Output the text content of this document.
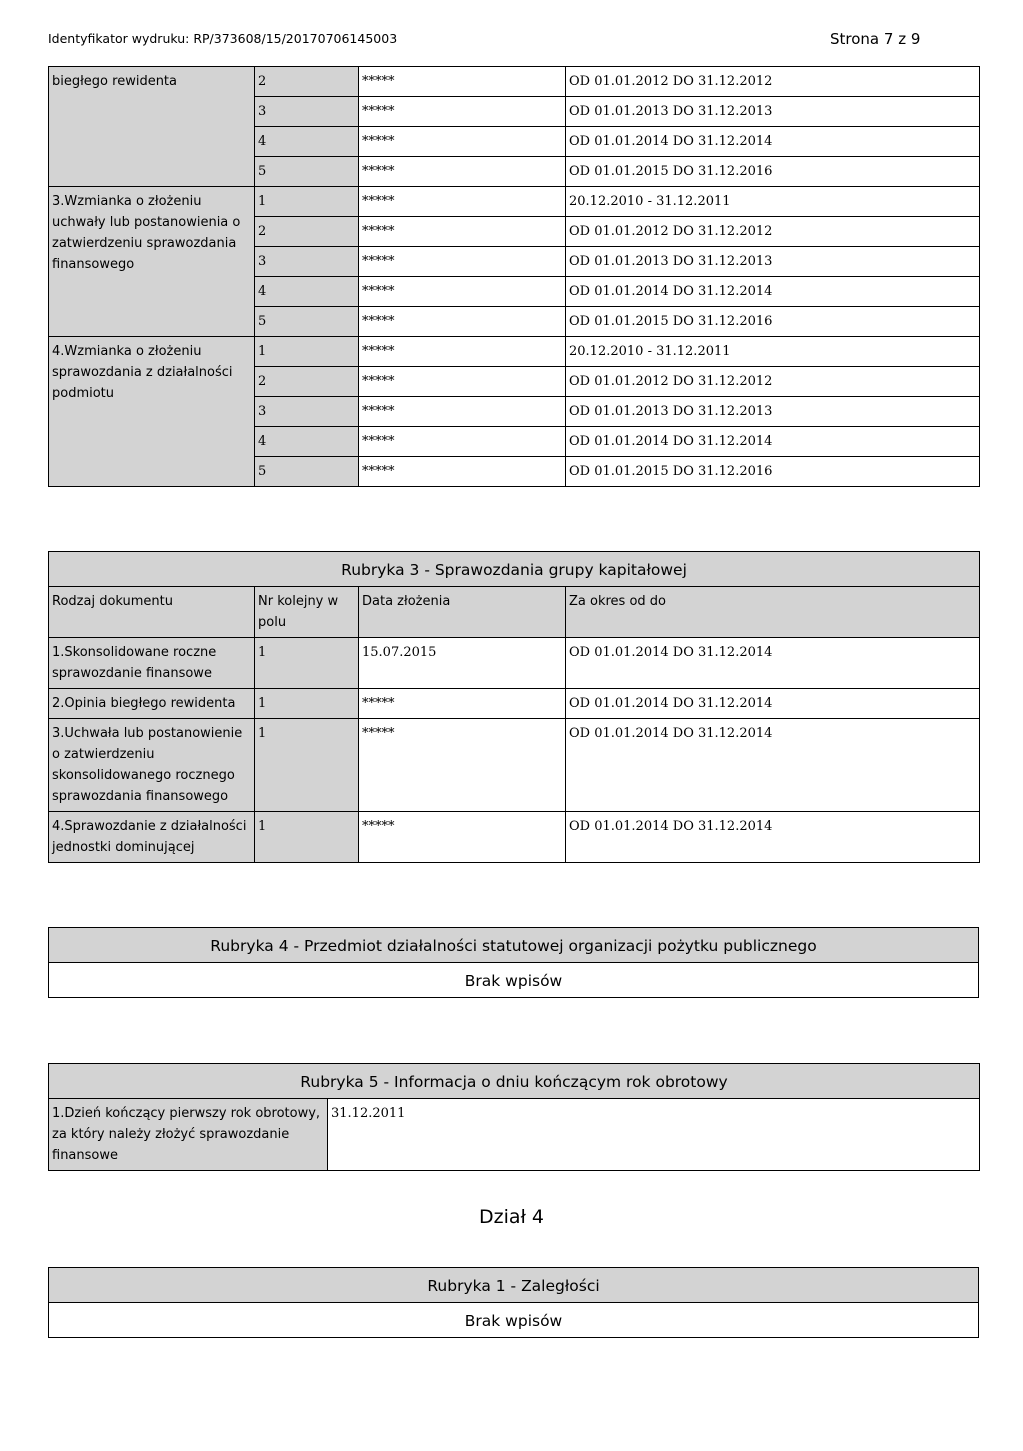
Identyfikator wydruku: RP/373608/15/20170706145003	Strona 7 z 9
biegłego rewidenta	2	*****	OD 01.01.2012 DO 31.12.2012
	3	*****	OD 01.01.2013 DO 31.12.2013
	4	*****	OD 01.01.2014 DO 31.12.2014
	5	*****	OD 01.01.2015 DO 31.12.2016
3.Wzmianka o złożeniu uchwały lub postanowienia o zatwierdzeniu sprawozdania finansowego	1	*****	20.12.2010 - 31.12.2011
	2	*****	OD 01.01.2012 DO 31.12.2012
	3	*****	OD 01.01.2013 DO 31.12.2013
	4	*****	OD 01.01.2014 DO 31.12.2014
	5	*****	OD 01.01.2015 DO 31.12.2016
4.Wzmianka o złożeniu sprawozdania z działalności podmiotu	1	*****	20.12.2010 - 31.12.2011
	2	*****	OD 01.01.2012 DO 31.12.2012
	3	*****	OD 01.01.2013 DO 31.12.2013
	4	*****	OD 01.01.2014 DO 31.12.2014
	5	*****	OD 01.01.2015 DO 31.12.2016
Rubryka 3 - Sprawozdania grupy kapitałowej			
Rodzaj dokumentu	Nr kolejny w polu	Data złożenia	Za okres od do
1.Skonsolidowane roczne sprawozdanie finansowe	1	15.07.2015	OD 01.01.2014 DO 31.12.2014
2.Opinia biegłego rewidenta	1	*****	OD 01.01.2014 DO 31.12.2014
3.Uchwała lub postanowienie o zatwierdzeniu skonsolidowanego rocznego sprawozdania finansowego	1	*****	OD 01.01.2014 DO 31.12.2014
4.Sprawozdanie z działalności jednostki dominującej	1	*****	OD 01.01.2014 DO 31.12.2014
Rubryka 4 - Przedmiot działalności statutowej organizacji pożytku publicznego
Brak wpisów
Rubryka 5 - Informacja o dniu kończącym rok obrotowy
1.Dzień kończący pierwszy rok obrotowy, za który należy złożyć sprawozdanie finansowe	31.12.2011
Dział 4
Rubryka 1 - Zaległości
Brak wpisów
